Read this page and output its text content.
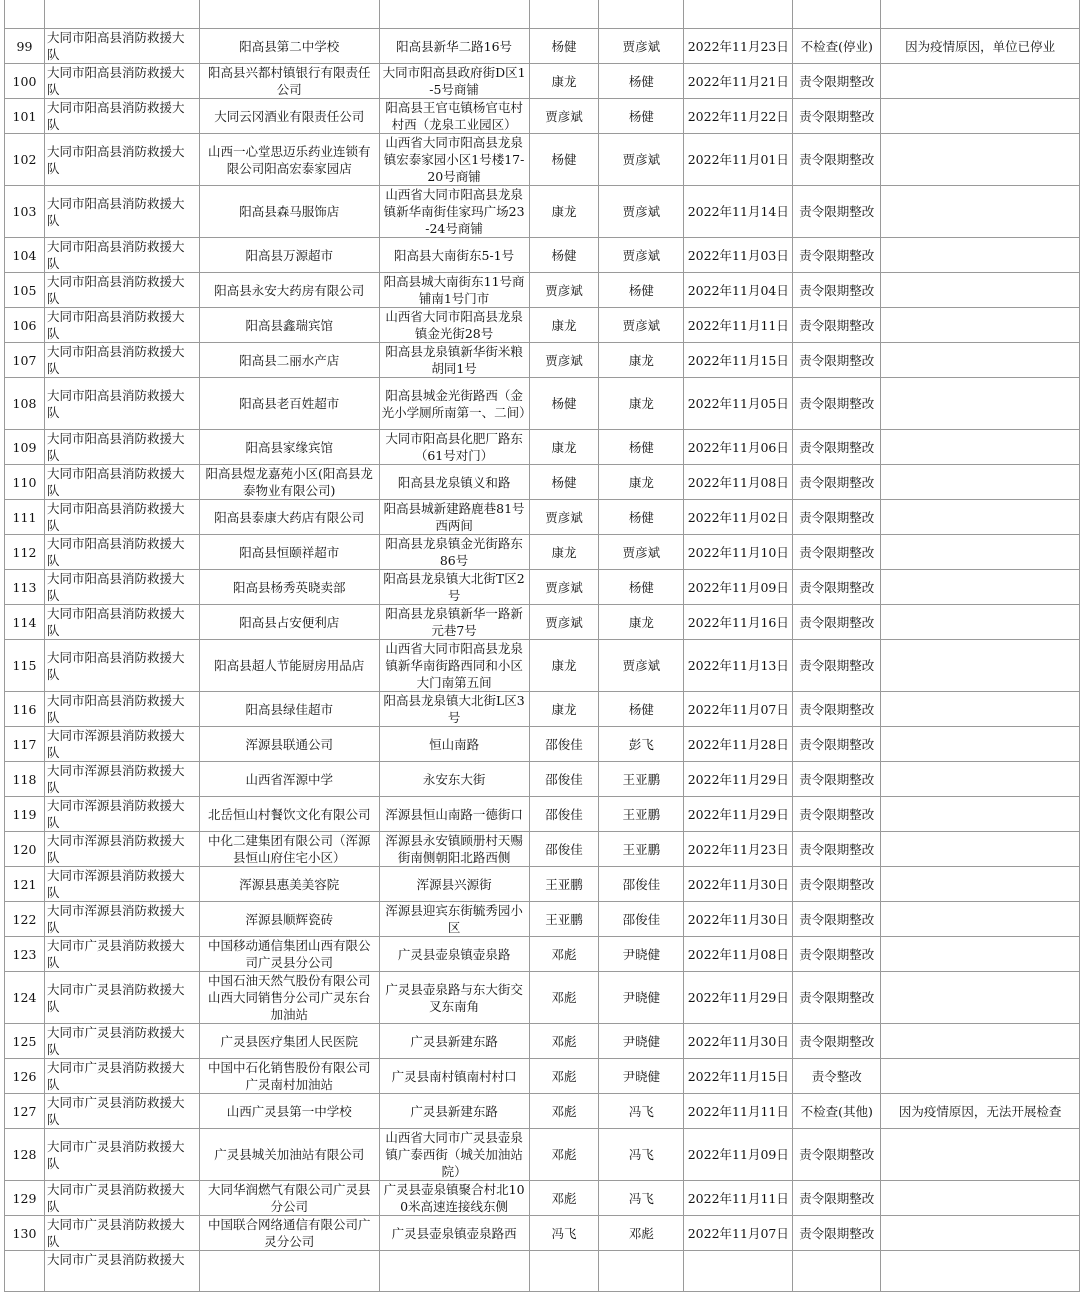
99	大同市阳高县消防救援大队	阳高县第二中学校	阳高县新华二路16号	杨健	贾彦斌	2022年11月23日	不检查(停业)	因为疫情原因，单位已停业
100	大同市阳高县消防救援大队	阳高县兴都村镇银行有限责任公司	大同市阳高县政府街D区1-5号商铺	康龙	杨健	2022年11月21日	责令限期整改	
101	大同市阳高县消防救援大队	大同云冈酒业有限责任公司	阳高县王官屯镇杨官屯村村西（龙泉工业园区）	贾彦斌	杨健	2022年11月22日	责令限期整改	
102	大同市阳高县消防救援大队	山西一心堂思迈乐药业连锁有限公司阳高宏泰家园店	山西省大同市阳高县龙泉镇宏泰家园小区1号楼17-20号商铺	杨健	贾彦斌	2022年11月01日	责令限期整改	
103	大同市阳高县消防救援大队	阳高县森马服饰店	山西省大同市阳高县龙泉镇新华南街佳家玛广场23-24号商铺	康龙	贾彦斌	2022年11月14日	责令限期整改	
104	大同市阳高县消防救援大队	阳高县万源超市	阳高县大南街东5-1号	杨健	贾彦斌	2022年11月03日	责令限期整改	
105	大同市阳高县消防救援大队	阳高县永安大药房有限公司	阳高县城大南街东11号商铺南1号门市	贾彦斌	杨健	2022年11月04日	责令限期整改	
106	大同市阳高县消防救援大队	阳高县鑫瑞宾馆	山西省大同市阳高县龙泉镇金光街28号	康龙	贾彦斌	2022年11月11日	责令限期整改	
107	大同市阳高县消防救援大队	阳高县二丽水产店	阳高县龙泉镇新华街米粮胡同1号	贾彦斌	康龙	2022年11月15日	责令限期整改	
108	大同市阳高县消防救援大队	阳高县老百姓超市	阳高县城金光街路西（金光小学厕所南第一、二间）	杨健	康龙	2022年11月05日	责令限期整改	
109	大同市阳高县消防救援大队	阳高县家缘宾馆	大同市阳高县化肥厂路东（61号对门）	康龙	杨健	2022年11月06日	责令限期整改	
110	大同市阳高县消防救援大队	阳高县煜龙嘉苑小区(阳高县龙泰物业有限公司)	阳高县龙泉镇义和路	杨健	康龙	2022年11月08日	责令限期整改	
111	大同市阳高县消防救援大队	阳高县泰康大药店有限公司	阳高县城新建路鹿巷81号西两间	贾彦斌	杨健	2022年11月02日	责令限期整改	
112	大同市阳高县消防救援大队	阳高县恒颐祥超市	阳高县龙泉镇金光街路东86号	康龙	贾彦斌	2022年11月10日	责令限期整改	
113	大同市阳高县消防救援大队	阳高县杨秀英晓卖部	阳高县龙泉镇大北街T区2号	贾彦斌	杨健	2022年11月09日	责令限期整改	
114	大同市阳高县消防救援大队	阳高县占安便利店	阳高县龙泉镇新华一路新元巷7号	贾彦斌	康龙	2022年11月16日	责令限期整改	
115	大同市阳高县消防救援大队	阳高县超人节能厨房用品店	山西省大同市阳高县龙泉镇新华南街路西同和小区大门南第五间	康龙	贾彦斌	2022年11月13日	责令限期整改	
116	大同市阳高县消防救援大队	阳高县绿佳超市	阳高县龙泉镇大北街L区3号	康龙	杨健	2022年11月07日	责令限期整改	
117	大同市浑源县消防救援大队	浑源县联通公司	恒山南路	邵俊佳	彭飞	2022年11月28日	责令限期整改	
118	大同市浑源县消防救援大队	山西省浑源中学	永安东大街	邵俊佳	王亚鹏	2022年11月29日	责令限期整改	
119	大同市浑源县消防救援大队	北岳恒山村餐饮文化有限公司	浑源县恒山南路一德街口	邵俊佳	王亚鹏	2022年11月29日	责令限期整改	
120	大同市浑源县消防救援大队	中化二建集团有限公司（浑源县恒山府住宅小区）	浑源县永安镇顾册村天赐街南侧朝阳北路西侧	邵俊佳	王亚鹏	2022年11月23日	责令限期整改	
121	大同市浑源县消防救援大队	浑源县惠美美容院	浑源县兴源街	王亚鹏	邵俊佳	2022年11月30日	责令限期整改	
122	大同市浑源县消防救援大队	浑源县顺辉瓷砖	浑源县迎宾东街毓秀园小区	王亚鹏	邵俊佳	2022年11月30日	责令限期整改	
123	大同市广灵县消防救援大队	中国移动通信集团山西有限公司广灵县分公司	广灵县壶泉镇壶泉路	邓彪	尹晓健	2022年11月08日	责令限期整改	
124	大同市广灵县消防救援大队	中国石油天然气股份有限公司山西大同销售分公司广灵东台加油站	广灵县壶泉路与东大街交叉东南角	邓彪	尹晓健	2022年11月29日	责令限期整改	
125	大同市广灵县消防救援大队	广灵县医疗集团人民医院	广灵县新建东路	邓彪	尹晓健	2022年11月30日	责令限期整改	
126	大同市广灵县消防救援大队	中国中石化销售股份有限公司广灵南村加油站	广灵县南村镇南村村口	邓彪	尹晓健	2022年11月15日	责令整改	
127	大同市广灵县消防救援大队	山西广灵县第一中学校	广灵县新建东路	邓彪	冯飞	2022年11月11日	不检查(其他)	因为疫情原因，无法开展检查
128	大同市广灵县消防救援大队	广灵县城关加油站有限公司	山西省大同市广灵县壶泉镇广泰西街（城关加油站院）	邓彪	冯飞	2022年11月09日	责令限期整改	
129	大同市广灵县消防救援大队	大同华润燃气有限公司广灵县分公司	广灵县壶泉镇聚合村北100米高速连接线东侧	邓彪	冯飞	2022年11月11日	责令限期整改	
130	大同市广灵县消防救援大队	中国联合网络通信有限公司广灵分公司	广灵县壶泉镇壶泉路西	冯飞	邓彪	2022年11月07日	责令限期整改	
	大同市广灵县消防救援大							
